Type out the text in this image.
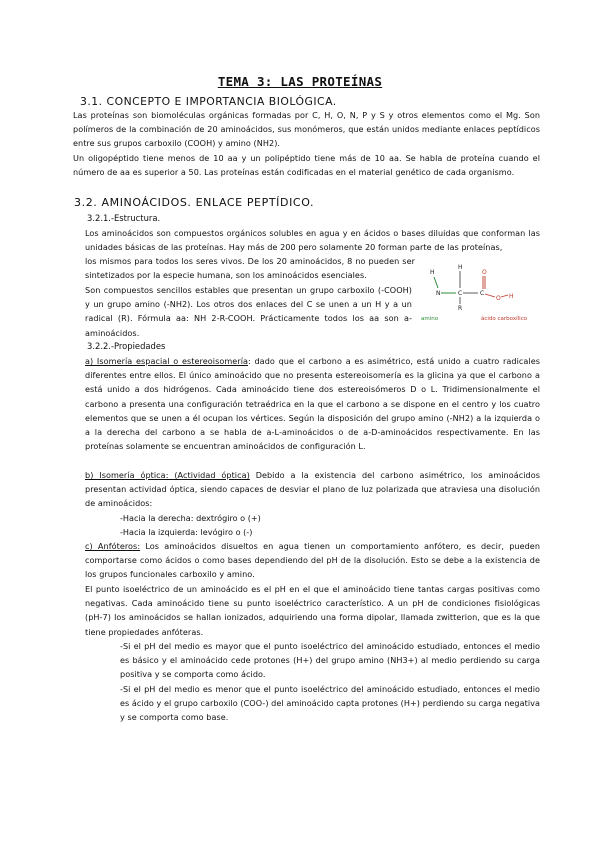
TEMA 3: LAS PROTEÍNAS
3.1. CONCEPTO E IMPORTANCIA BIOLÓGICA.
Las proteínas son biomoléculas orgánicas formadas por C, H, O, N, P y S y otros elementos como el Mg. Son polímeros de la combinación de 20 aminoácidos, sus monómeros, que están unidos mediante enlaces peptídicos entre sus grupos carboxilo (COOH) y amino (NH2).
Un oligopéptido tiene menos de 10 aa y un polipéptido tiene más de 10 aa. Se habla de proteína cuando el número de aa es superior a 50. Las proteínas están codificadas en el material genético de cada organismo.
3.2. AMINOÁCIDOS. ENLACE PEPTÍDICO.
3.2.1.-Estructura.
Los aminoácidos son compuestos orgánicos solubles en agua y en ácidos o bases diluidas que conforman las unidades básicas de las proteínas. Hay más de 200 pero solamente 20 forman parte de las proteínas,
los mismos para todos los seres vivos. De los 20 aminoácidos, 8 no pueden ser sintetizados por la especie humana, son los aminoácidos esenciales.
Son compuestos sencillos estables que presentan un grupo carboxilo (-COOH) y un grupo amino (-NH2). Los otros dos enlaces del C se unen a un H y a un radical (R). Fórmula aa: NH 2-R-COOH. Prácticamente todos los aa son a-aminoácidos.
H
H
N	C
R
C
O
O H
amino	ácido carboxílico
3.2.2.-Propiedades
a) Isomería espacial o estereoisomería: dado que el carbono a es asimétrico, está unido a cuatro radicales diferentes entre ellos. El único aminoácido que no presenta estereoisomería es la glicina ya que el carbono a está unido a dos hidrógenos. Cada aminoácido tiene dos estereoisómeros D o L. Tridimensionalmente el carbono a presenta una configuración tetraédrica en la que el carbono a se dispone en el centro y los cuatro elementos que se unen a él ocupan los vértices. Según la disposición del grupo amino (-NH2) a la izquierda o a la derecha del carbono a se habla de a-L-aminoácidos o de a-D-aminoácidos respectivamente. En las proteínas solamente se encuentran aminoácidos de configuración L.
b) Isomería óptica: (Actividad óptica) Debido a la existencia del carbono asimétrico, los aminoácidos presentan actividad óptica, siendo capaces de desviar el plano de luz polarizada que atraviesa una disolución de aminoácidos:
-Hacia la derecha: dextrógiro o (+)
-Hacia la izquierda: levógiro o (-)
c) Anfóteros: Los aminoácidos disueltos en agua tienen un comportamiento anfótero, es decir, pueden comportarse como ácidos o como bases dependiendo del pH de la disolución. Esto se debe a la existencia de los grupos funcionales carboxilo y amino.
El punto isoeléctrico de un aminoácido es el pH en el que el aminoácido tiene tantas cargas positivas como negativas. Cada aminoácido tiene su punto isoeléctrico característico. A un pH de condiciones fisiológicas (pH-7) los aminoácidos se hallan ionizados, adquiriendo una forma dipolar, llamada zwitterion, que es la que tiene propiedades anfóteras.
-Si el pH del medio es mayor que el punto isoeléctrico del aminoácido estudiado, entonces el medio es básico y el aminoácido cede protones (H+) del grupo amino (NH3+) al medio perdiendo su carga positiva y se comporta como ácido.
-Si el pH del medio es menor que el punto isoeléctrico del aminoácido estudiado, entonces el medio es ácido y el grupo carboxilo (COO-) del aminoácido capta protones (H+) perdiendo su carga negativa y se comporta como base.
